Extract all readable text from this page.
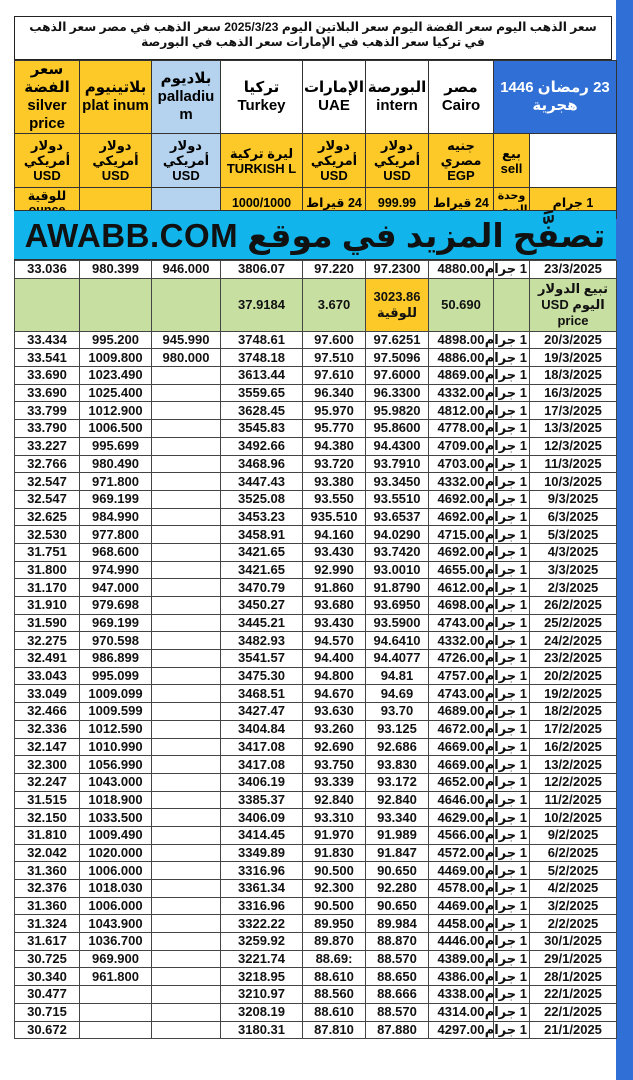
سعر الذهب اليوم سعر الفضة اليوم سعر البلاتين اليوم 2025/3/23 سعر الذهب في مصر سعر الذهب في تركيا سعر الذهب في الإمارات سعر الذهب في البورصة
سعر الفضة silver price	بلاتينيوم plat inum	بلاديوم palladiu m	تركيا Turkey	الإمارات UAE	البورصة intern	مصر Cairo	23 رمضان 1446 هجرية	
دولار أمريكي USD	دولار أمريكي USD	دولار أمريكي USD	ليرة تركية TURKISH L	دولار أمريكي USD	دولار أمريكي USD	جنيه مصري EGP	بيع sell	
للوقية			1000/1000	24 قيراط	999.99	24 قيراط	وحدة	1 جرام
تصفَّح المزيد في موقع AWABB.COM
33.036	980.399	946.000	3806.07	97.220	97.2300	4880.00	1 جرام	23/3/2025
			37.9184	3.670	3023.86 للوقية	50.690		تبيع الدولار اليوم USD price
33.434	995.200	945.990	3748.61	97.600	97.6251	4898.00	1 جرام	20/3/2025
33.541	1009.800	980.000	3748.18	97.510	97.5096	4886.00	1 جرام	19/3/2025
33.690	1023.490		3613.44	97.610	97.6000	4869.00	1 جرام	18/3/2025
33.690	1025.400		3559.65	96.340	96.3300	4332.00	1 جرام	16/3/2025
33.799	1012.900		3628.45	95.970	95.9820	4812.00	1 جرام	17/3/2025
33.790	1006.500		3545.83	95.770	95.8600	4778.00	1 جرام	13/3/2025
33.227	995.699		3492.66	94.380	94.4300	4709.00	1 جرام	12/3/2025
32.766	980.490		3468.96	93.720	93.7910	4703.00	1 جرام	11/3/2025
32.547	971.800		3447.43	93.380	93.3450	4332.00	1 جرام	10/3/2025
32.547	969.199		3525.08	93.550	93.5510	4692.00	1 جرام	9/3/2025
32.625	984.990		3453.23	935.510	93.6537	4692.00	1 جرام	6/3/2025
32.530	977.800		3458.91	94.160	94.0290	4715.00	1 جرام	5/3/2025
31.751	968.600		3421.65	93.430	93.7420	4692.00	1 جرام	4/3/2025
31.800	974.990		3421.65	92.990	93.0010	4655.00	1 جرام	3/3/2025
31.170	947.000		3470.79	91.860	91.8790	4612.00	1 جرام	2/3/2025
31.910	979.698		3450.27	93.680	93.6950	4698.00	1 جرام	26/2/2025
31.590	969.199		3445.21	93.430	93.5900	4743.00	1 جرام	25/2/2025
32.275	970.598		3482.93	94.570	94.6410	4332.00	1 جرام	24/2/2025
32.491	986.899		3541.57	94.400	94.4077	4726.00	1 جرام	23/2/2025
33.043	995.099		3475.30	94.800	94.81	4757.00	1 جرام	20/2/2025
33.049	1009.099		3468.51	94.670	94.69	4743.00	1 جرام	19/2/2025
32.466	1009.599		3427.47	93.630	93.70	4689.00	1 جرام	18/2/2025
32.336	1012.590		3404.84	93.260	93.125	4672.00	1 جرام	17/2/2025
32.147	1010.990		3417.08	92.690	92.686	4669.00	1 جرام	16/2/2025
32.300	1056.990		3417.08	93.750	93.830	4669.00	1 جرام	13/2/2025
32.247	1043.000		3406.19	93.339	93.172	4652.00	1 جرام	12/2/2025
31.515	1018.900		3385.37	92.840	92.840	4646.00	1 جرام	11/2/2025
32.150	1033.500		3406.09	93.310	93.340	4629.00	1 جرام	10/2/2025
31.810	1009.490		3414.45	91.970	91.989	4566.00	1 جرام	9/2/2025
32.042	1020.000		3349.89	91.830	91.847	4572.00	1 جرام	6/2/2025
31.360	1006.000		3316.96	90.500	90.650	4469.00	1 جرام	5/2/2025
32.376	1018.030		3361.34	92.300	92.280	4578.00	1 جرام	4/2/2025
31.360	1006.000		3316.96	90.500	90.650	4469.00	1 جرام	3/2/2025
31.324	1043.900		3322.22	89.950	89.984	4458.00	1 جرام	2/2/2025
31.617	1036.700		3259.92	89.870	88.870	4446.00	1 جرام	30/1/2025
30.725	969.900		3221.74	88.69:	88.570	4389.00	1 جرام	29/1/2025
30.340	961.800		3218.95	88.610	88.650	4386.00	1 جرام	28/1/2025
30.477			3210.97	88.560	88.666	4338.00	1 جرام	22/1/2025
30.715			3208.19	88.610	88.570	4314.00	1 جرام	22/1/2025
30.672			3180.31	87.810	87.880	4297.00	1 جرام	21/1/2025
